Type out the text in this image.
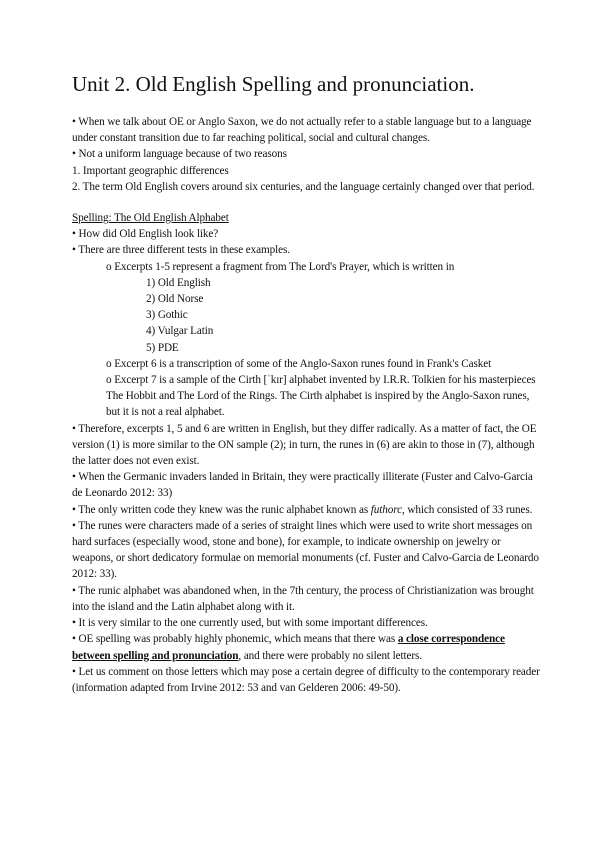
Unit 2. Old English Spelling and pronunciation.

• When we talk about OE or Anglo Saxon, we do not actually refer to a stable language but to a language under constant transition due to far reaching political, social and cultural changes.

• Not a uniform language because of two reasons

1. Important geographic differences

2. The term Old English covers around six centuries, and the language certainly changed over that period.

Spelling: The Old English Alphabet

• How did Old English look like?

• There are three different tests in these examples.

o Excerpts 1-5 represent a fragment from The Lord's Prayer, which is written in

1) Old English

2) Old Norse

3) Gothic

4) Vulgar Latin

5) PDE

o Excerpt 6 is a transcription of some of the Anglo-Saxon runes found in Frank's Casket

o Excerpt 7 is a sample of the Cirth [ˈkɪr] alphabet invented by I.R.R. Tolkien for his masterpieces The Hobbit and The Lord of the Rings. The Cirth alphabet is inspired by the Anglo-Saxon runes, but it is not a real alphabet.

• Therefore, excerpts 1, 5 and 6 are written in English, but they differ radically. As a matter of fact, the OE version (1) is more similar to the ON sample (2); in turn, the runes in (6) are akin to those in (7), although the latter does not even exist.

• When the Germanic invaders landed in Britain, they were practically illiterate (Fuster and Calvo-Garcia de Leonardo 2012: 33)

• The only written code they knew was the runic alphabet known as futhorc, which consisted of 33 runes.

• The runes were characters made of a series of straight lines which were used to write short messages on hard surfaces (especially wood, stone and bone), for example, to indicate ownership on jewelry or weapons, or short dedicatory formulae on memorial monuments (cf. Fuster and Calvo-Garcia de Leonardo 2012: 33).

• The runic alphabet was abandoned when, in the 7th century, the process of Christianization was brought into the island and the Latin alphabet along with it.

• It is very similar to the one currently used, but with some important differences.

• OE spelling was probably highly phonemic, which means that there was a close correspondence between spelling and pronunciation, and there were probably no silent letters.

• Let us comment on those letters which may pose a certain degree of difficulty to the contemporary reader (information adapted from Irvine 2012: 53 and van Gelderen 2006: 49-50).
